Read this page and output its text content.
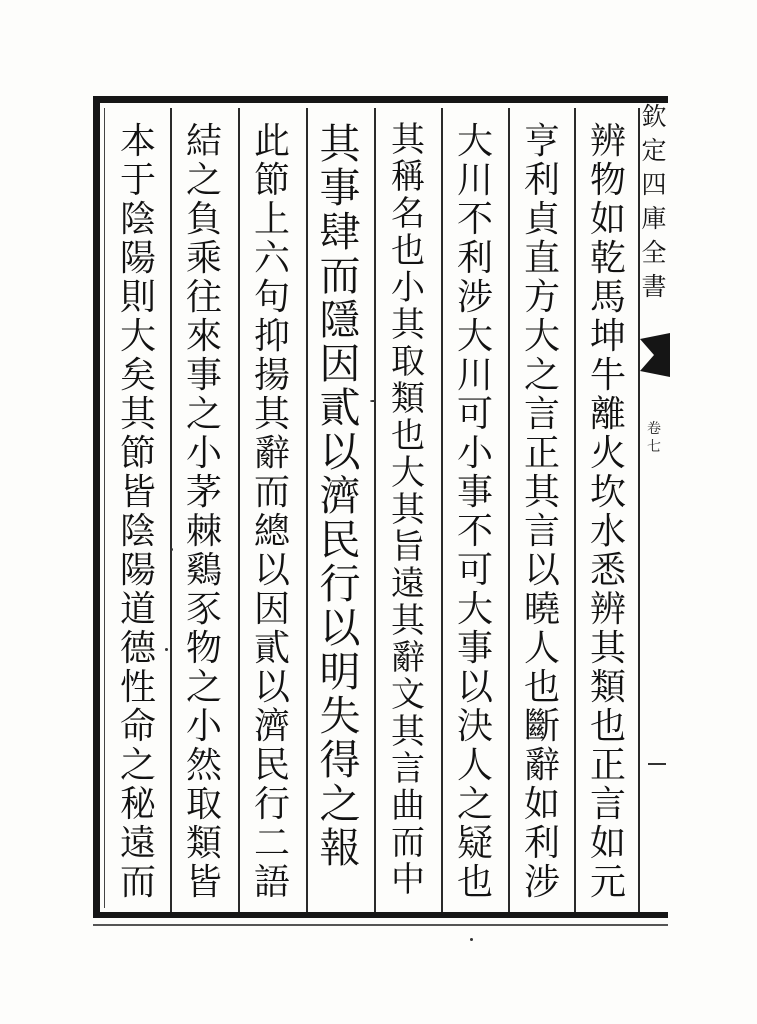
辨
物
如
乾
馬
坤
牛
離
火
坎
水
悉
辨
其
類
也
正
言
如
元
亨
利
貞
直
方
大
之
言
正
其
言
以
曉
人
也
斷
辭
如
利
涉
大
川
不
利
涉
大
川
可
小
事
不
可
大
事
以
決
人
之
疑
也
其
稱
名
也
小
其
取
類
也
大
其
旨
遠
其
辭
文
其
言
曲
而
中
其
事
肆
而
隱
因
貳
以
濟
民
行
以
明
失
得
之
報
此
節
上
六
句
抑
揚
其
辭
而
總
以
因
貳
以
濟
民
行
二
語
結
之
負
乘
往
來
事
之
小
茅
棘
鷄
豕
物
之
小
然
取
類
皆
本
于
陰
陽
則
大
矣
其
節
皆
陰
陽
道
德
性
命
之
秘
遠
而
欽
定
四
庫
全
書
卷
七
